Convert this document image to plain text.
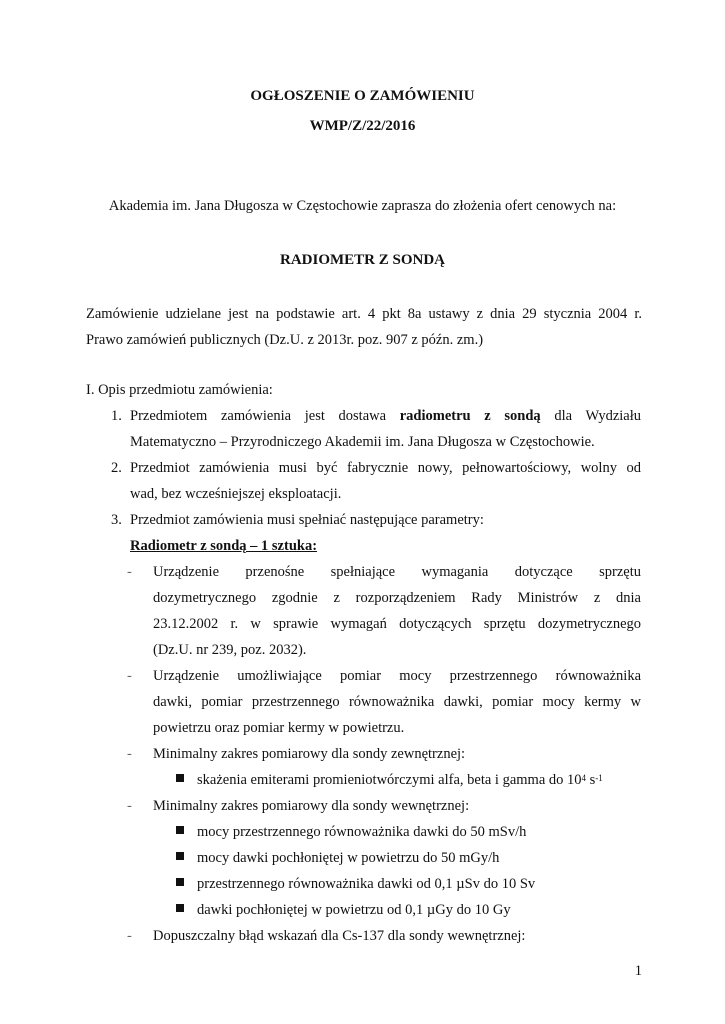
OGŁOSZENIE O ZAMÓWIENIU
WMP/Z/22/2016
Akademia im. Jana Długosza w Częstochowie zaprasza do złożenia ofert cenowych na:
RADIOMETR Z SONDĄ
Zamówienie udzielane jest na podstawie art. 4 pkt 8a ustawy z dnia 29 stycznia 2004 r.
Prawo zamówień publicznych (Dz.U. z 2013r. poz. 907 z późn. zm.)
I. Opis przedmiotu zamówienia:
1. Przedmiotem zamówienia jest dostawa radiometru z sondą dla Wydziału
Matematyczno – Przyrodniczego Akademii im. Jana Długosza w Częstochowie.
2. Przedmiot zamówienia musi być fabrycznie nowy, pełnowartościowy, wolny od
wad, bez wcześniejszej eksploatacji.
3. Przedmiot zamówienia musi spełniać następujące parametry:
Radiometr z sondą – 1 sztuka:
- Urządzenie przenośne spełniające wymagania dotyczące sprzętu
dozymetrycznego zgodnie z rozporządzeniem Rady Ministrów z dnia
23.12.2002 r. w sprawie wymagań dotyczących sprzętu dozymetrycznego
(Dz.U. nr 239, poz. 2032).
- Urządzenie umożliwiające pomiar mocy przestrzennego równoważnika
dawki, pomiar przestrzennego równoważnika dawki, pomiar mocy kermy w
powietrzu oraz pomiar kermy w powietrzu.
- Minimalny zakres pomiarowy dla sondy zewnętrznej:
skażenia emiterami promieniotwórczymi alfa, beta i gamma do $10^4$ $s^{-1}$
- Minimalny zakres pomiarowy dla sondy wewnętrznej:
mocy przestrzennego równoważnika dawki do 50 mSv/h
mocy dawki pochłoniętej w powietrzu do 50 mGy/h
przestrzennego równoważnika dawki od 0,1 µSv do 10 Sv
dawki pochłoniętej w powietrzu od 0,1 µGy do 10 Gy
- Dopuszczalny błąd wskazań dla Cs-137 dla sondy wewnętrznej:
1
